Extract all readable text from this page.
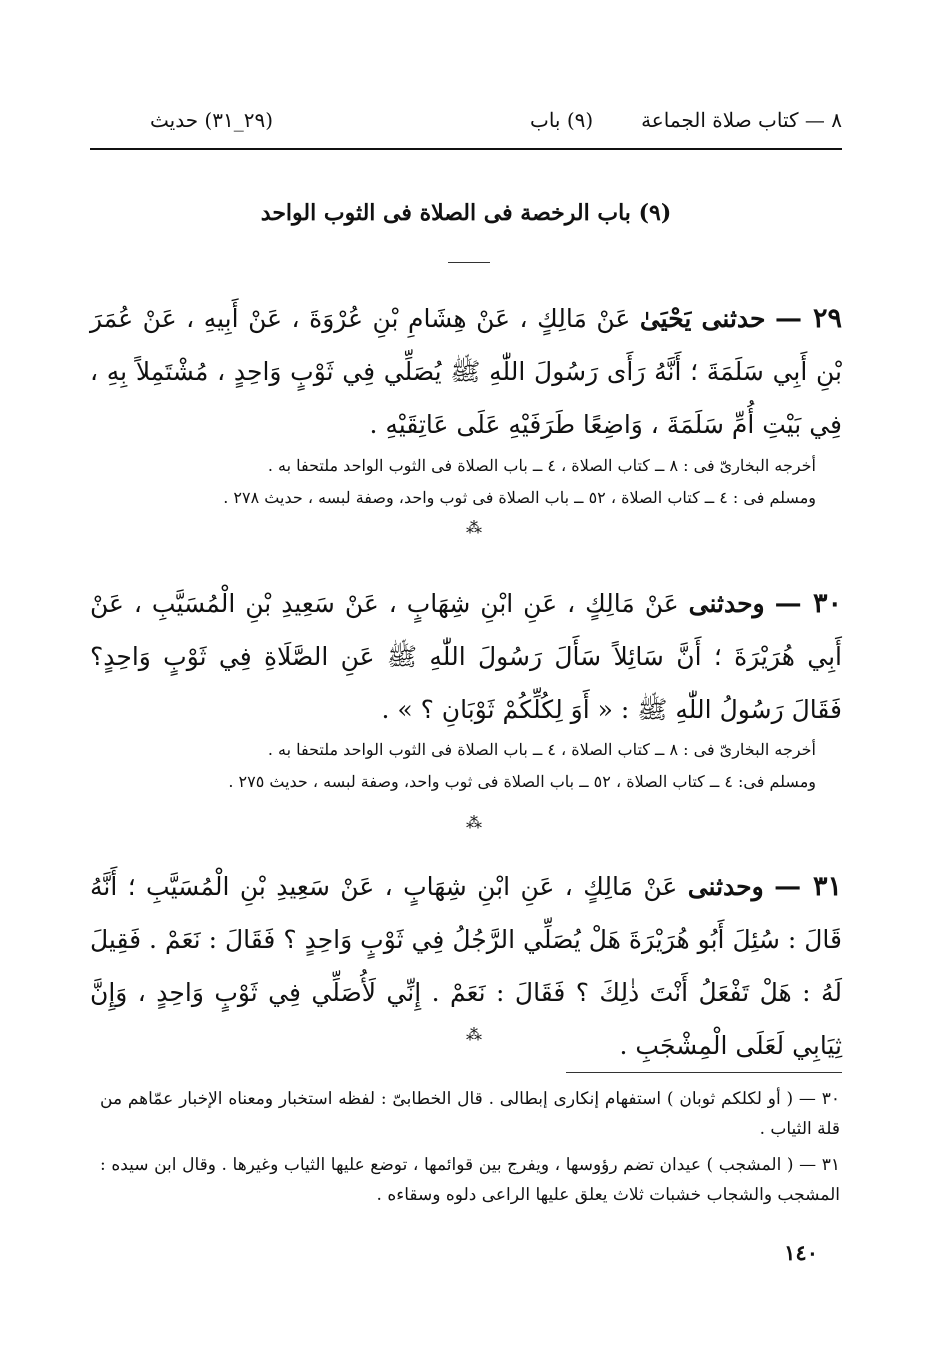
٨ — كتاب صلاة الجماعة
(٩) باب
(٢٩_٣١) حديث
(٩) باب الرخصة فى الصلاة فى الثوب الواحد
٢٩ — حدثنى يَحْيَىٰ عَنْ مَالِكٍ ، عَنْ هِشَامِ بْنِ عُرْوَةَ ، عَنْ أَبِيهِ ، عَنْ عُمَرَ بْنِ أَبِي سَلَمَةَ ؛ أَنَّهُ رَأَى رَسُولَ اللّٰهِ ﷺ يُصَلِّي فِي ثَوْبٍ وَاحِدٍ ، مُشْتَمِلاً بِهِ ، فِي بَيْتِ أُمِّ سَلَمَةَ ، وَاضِعًا طَرَفَيْهِ عَلَى عَاتِقَيْهِ .

أخرجه البخارىّ فى : ٨ ــ كتاب الصلاة ، ٤ ــ باب الصلاة فى الثوب الواحد ملتحفا به .

ومسلم فى : ٤ ــ كتاب الصلاة ، ٥٢ ــ باب الصلاة فى ثوب واحد، وصفة لبسه ، حديث ٢٧٨ .

⁂
٣٠ — وحدثنى عَنْ مَالِكٍ ، عَنِ ابْنِ شِهَابٍ ، عَنْ سَعِيدِ بْنِ الْمُسَيَّبِ ، عَنْ أَبِي هُرَيْرَةَ ؛ أَنَّ سَائِلاً سَأَلَ رَسُولَ اللّٰهِ ﷺ عَنِ الصَّلَاةِ فِي ثَوْبٍ وَاحِدٍ؟ فَقَالَ رَسُولُ اللّٰهِ ﷺ : « أَوَ لِكُلِّكُمْ ثَوْبَانِ ؟ » .

أخرجه البخارىّ فى : ٨ ــ كتاب الصلاة ، ٤ ــ باب الصلاة فى الثوب الواحد ملتحفا به .

ومسلم فى: ٤ ــ كتاب الصلاة ، ٥٢ ــ باب الصلاة فى ثوب واحد، وصفة لبسه ، حديث ٢٧٥ .

⁂
٣١ — وحدثنى عَنْ مَالِكٍ ، عَنِ ابْنِ شِهَابٍ ، عَنْ سَعِيدِ بْنِ الْمُسَيَّبِ ؛ أَنَّهُ قَالَ : سُئِلَ أَبُو هُرَيْرَةَ هَلْ يُصَلِّي الرَّجُلُ فِي ثَوْبٍ وَاحِدٍ ؟ فَقَالَ : نَعَمْ . فَقِيلَ لَهُ : هَلْ تَفْعَلُ أَنْتَ ذٰلِكَ ؟ فَقَالَ : نَعَمْ . إِنِّي لَأُصَلِّي فِي ثَوْبٍ وَاحِدٍ ، وَإِنَّ ثِيَابِي لَعَلَى الْمِشْجَبِ .
⁂

٣٠ — ( أو لكلكم ثوبان ) استفهام إنكارى إبطالى . قال الخطابىّ : لفظه استخبار ومعناه الإخبار عمّاهم من قلة الثياب .

٣١ — ( المشجب ) عيدان تضم رؤوسها ، ويفرج بين قوائمها ، توضع عليها الثياب وغيرها . وقال ابن سيده : المشجب والشجاب خشبات ثلاث يعلق عليها الراعى دلوه وسقاءه .

١٤٠
